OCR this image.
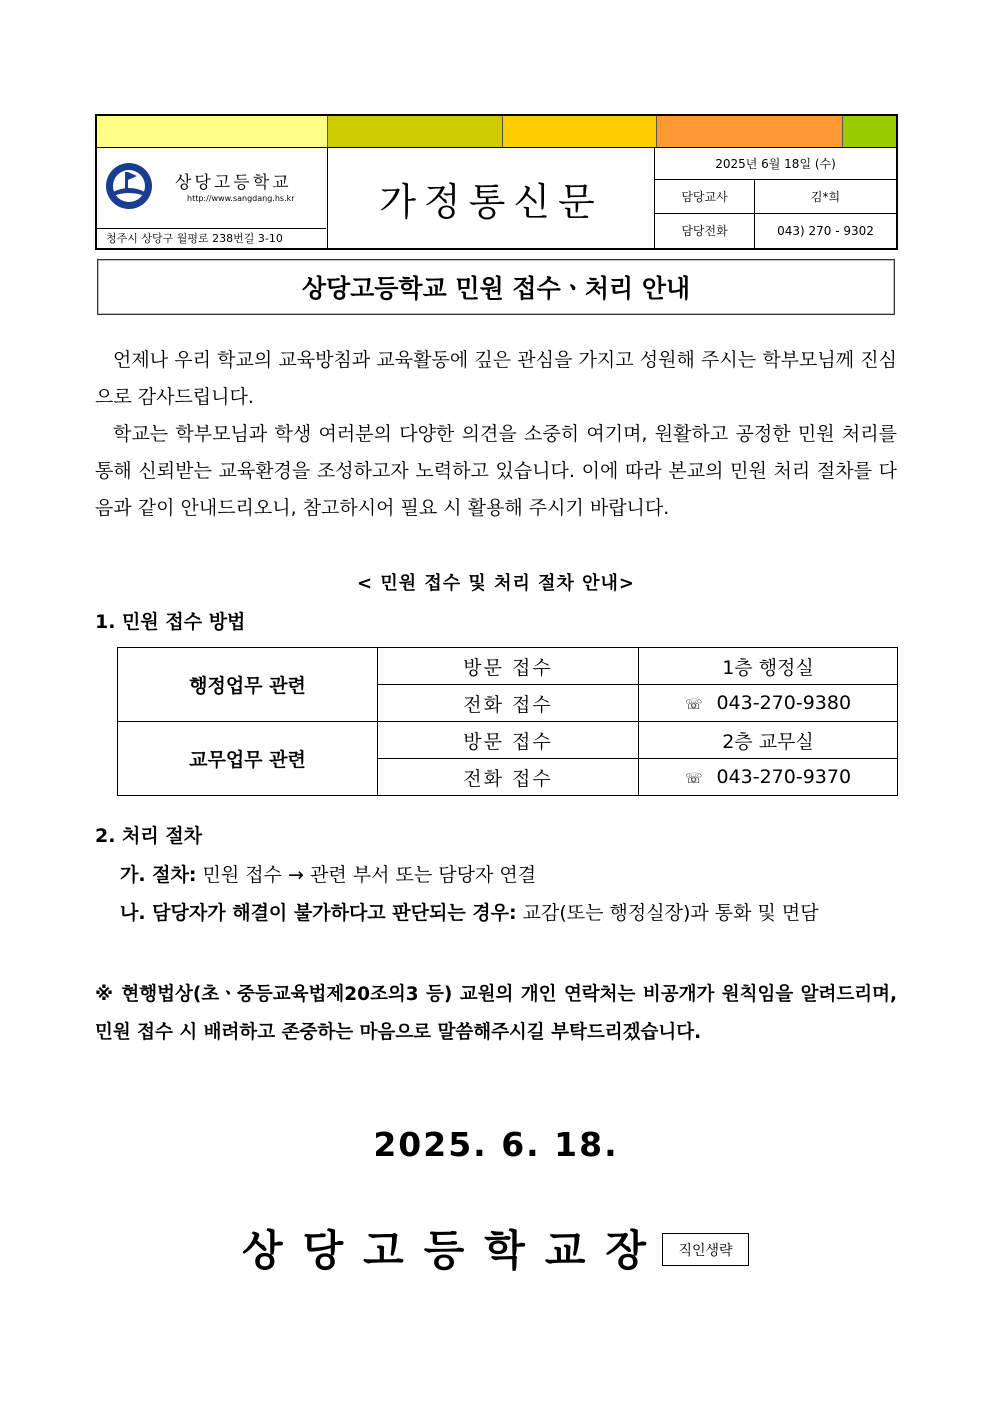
상당고등학교
http://www.sangdang.hs.kr
청주시 상당구 월평로 238번길 3-10
가정통신문
2025년 6월 18일 (수)
담당교사	김*희
담당전화	043) 270 - 9302
상당고등학교 민원 접수ㆍ처리 안내
언제나 우리 학교의 교육방침과 교육활동에 깊은 관심을 가지고 성원해 주시는 학부모님께 진심으로 감사드립니다.
학교는 학부모님과 학생 여러분의 다양한 의견을 소중히 여기며, 원활하고 공정한 민원 처리를 통해 신뢰받는 교육환경을 조성하고자 노력하고 있습니다. 이에 따라 본교의 민원 처리 절차를 다음과 같이 안내드리오니, 참고하시어 필요 시 활용해 주시기 바랍니다.
< 민원 접수 및 처리 절차 안내>
1. 민원 접수 방법
행정업무 관련	방문 접수	1층 행정실
	전화 접수	☏ 043-270-9380
교무업무 관련	방문 접수	2층 교무실
	전화 접수	☏ 043-270-9370
2. 처리 절차
가. 절차: 민원 접수 → 관련 부서 또는 담당자 연결
나. 담당자가 해결이 불가하다고 판단되는 경우: 교감(또는 행정실장)과 통화 및 면담
※ 현행법상(초ㆍ중등교육법제20조의3 등) 교원의 개인 연락처는 비공개가 원칙임을 알려드리며, 민원 접수 시 배려하고 존중하는 마음으로 말씀해주시길 부탁드리겠습니다.
2025. 6. 18.
상당고등학교장 직인생략
